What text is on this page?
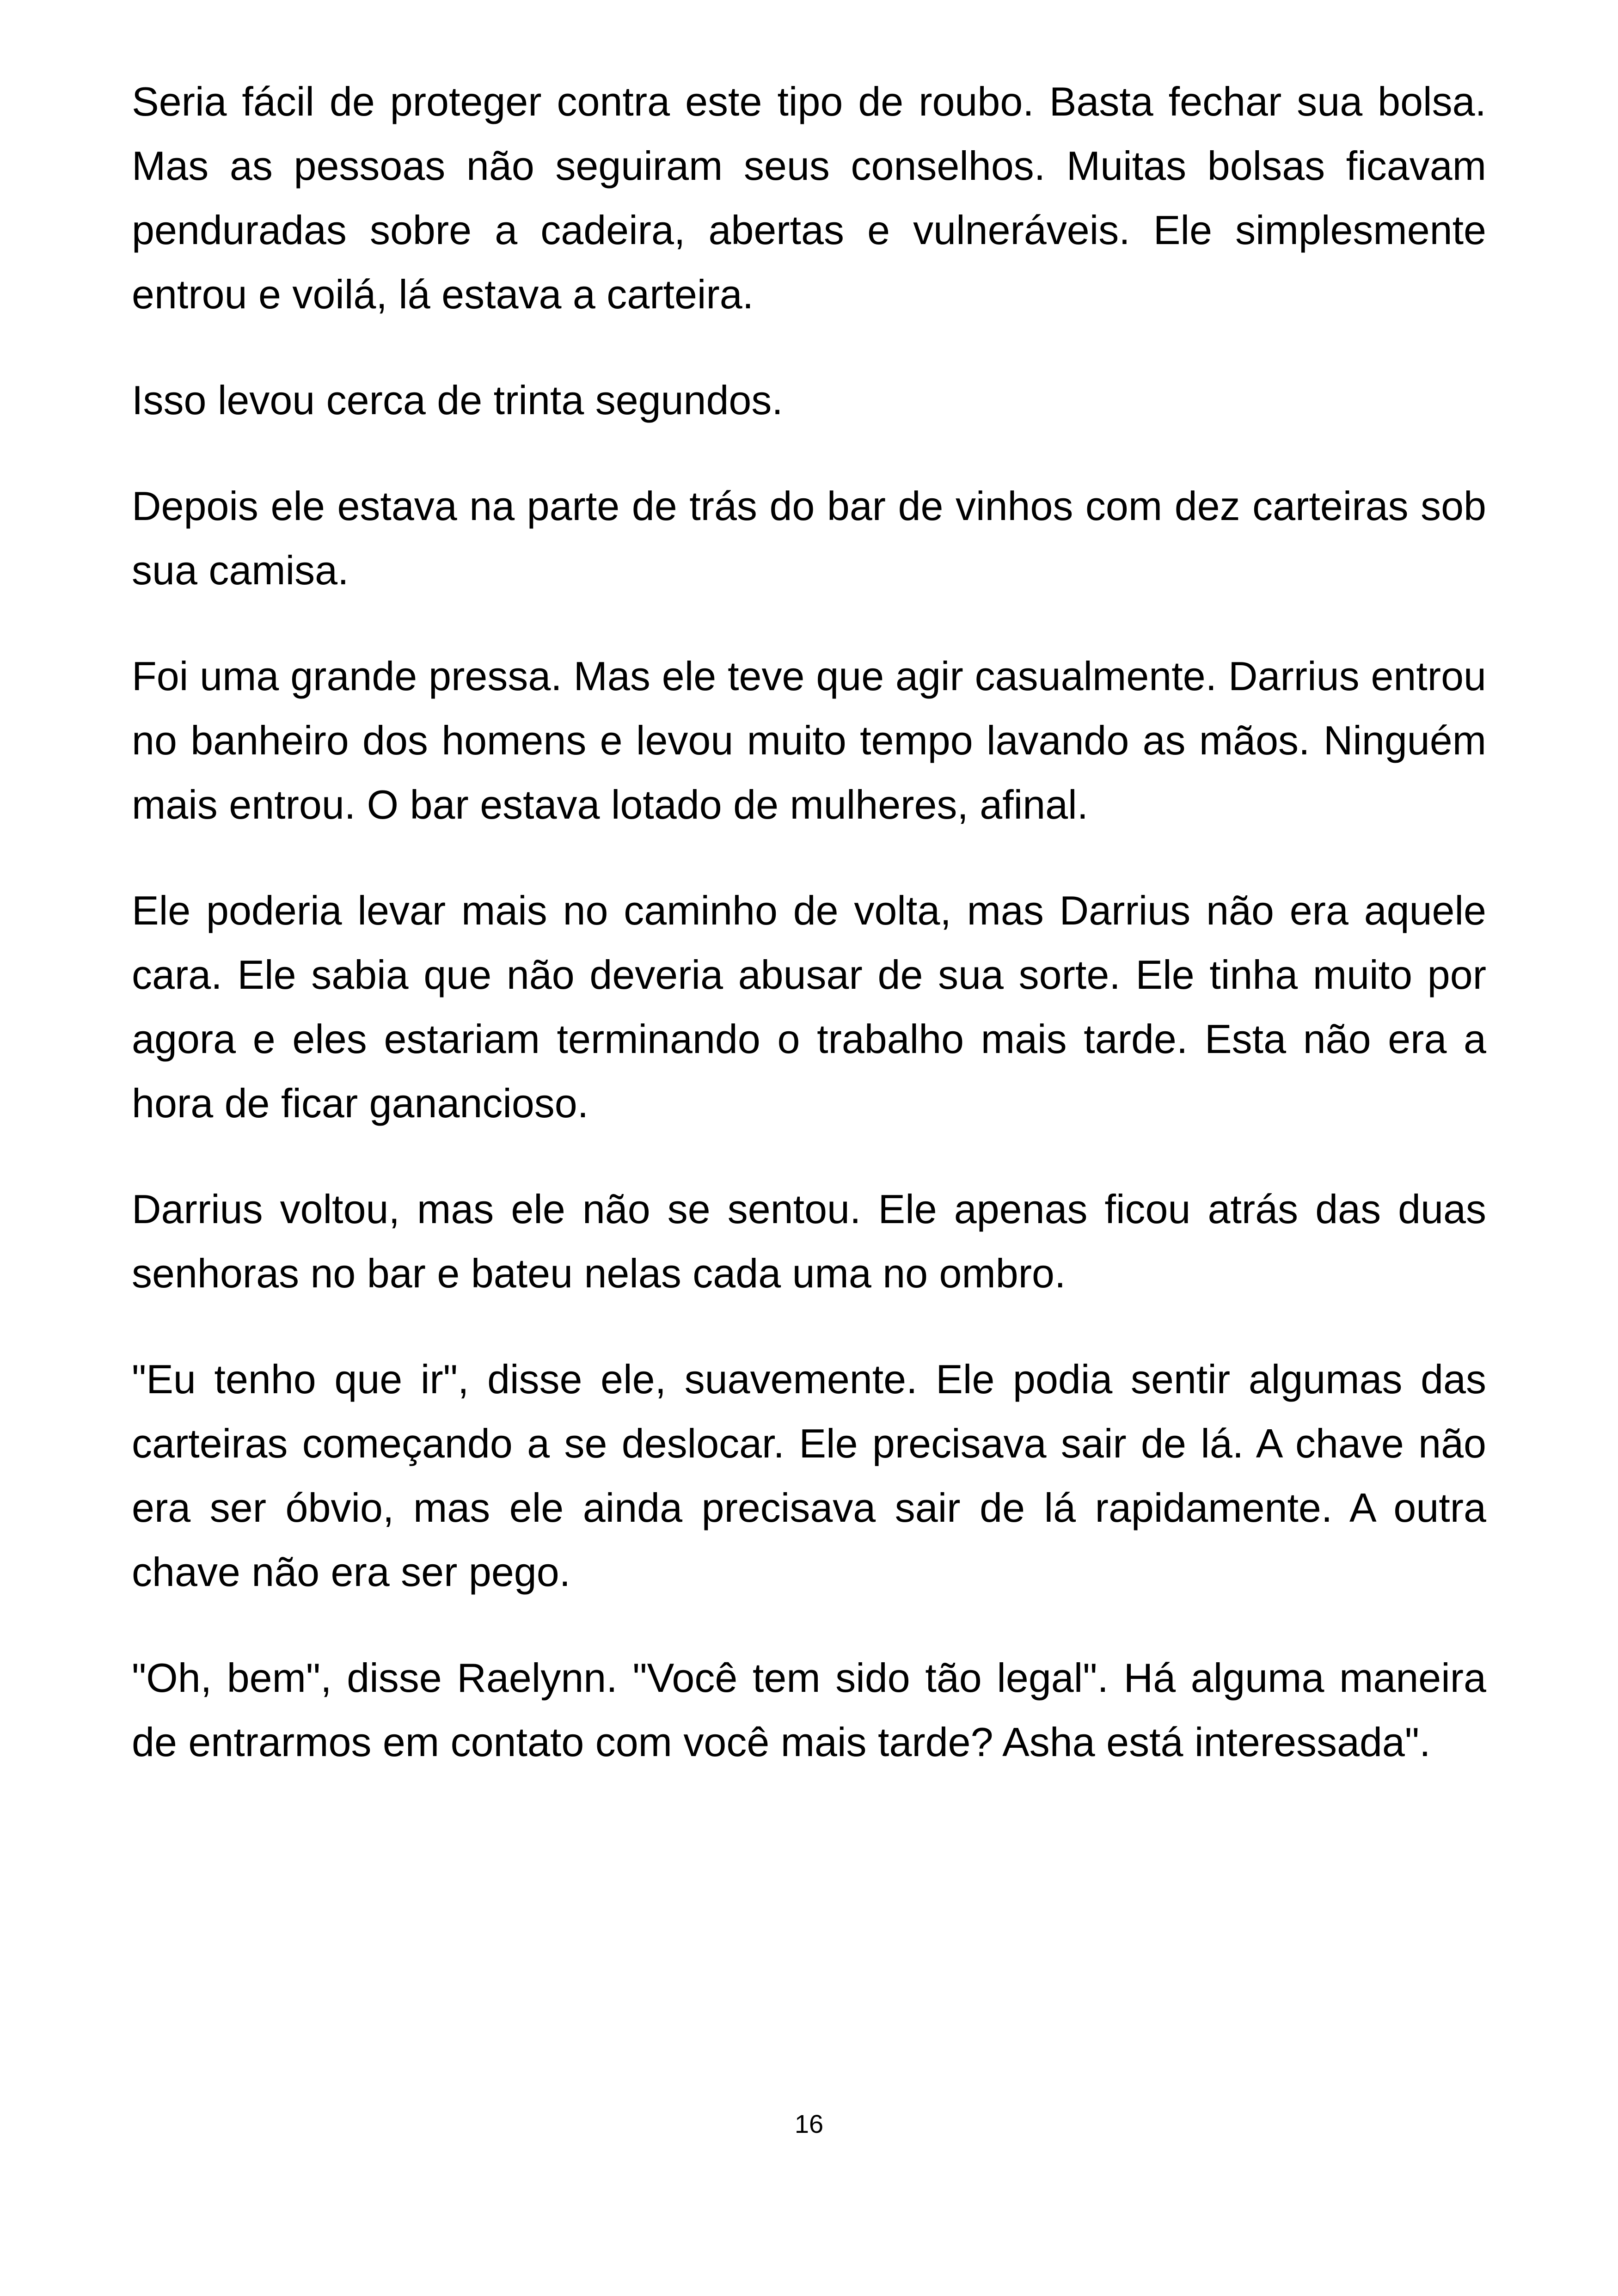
Seria fácil de proteger contra este tipo de roubo. Basta fechar sua bolsa. Mas as pessoas não seguiram seus conselhos. Muitas bolsas ficavam penduradas sobre a cadeira, abertas e vulneráveis. Ele simplesmente entrou e voilá, lá estava a carteira.

Isso levou cerca de trinta segundos.

Depois ele estava na parte de trás do bar de vinhos com dez carteiras sob sua camisa.

Foi uma grande pressa. Mas ele teve que agir casualmente. Darrius entrou no banheiro dos homens e levou muito tempo lavando as mãos. Ninguém mais entrou. O bar estava lotado de mulheres, afinal.

Ele poderia levar mais no caminho de volta, mas Darrius não era aquele cara. Ele sabia que não deveria abusar de sua sorte. Ele tinha muito por agora e eles estariam terminando o trabalho mais tarde. Esta não era a hora de ficar ganancioso.

Darrius voltou, mas ele não se sentou. Ele apenas ficou atrás das duas senhoras no bar e bateu nelas cada uma no ombro.

"Eu tenho que ir", disse ele, suavemente. Ele podia sentir algumas das carteiras começando a se deslocar. Ele precisava sair de lá. A chave não era ser óbvio, mas ele ainda precisava sair de lá rapidamente. A outra chave não era ser pego.

"Oh, bem", disse Raelynn. "Você tem sido tão legal". Há alguma maneira de entrarmos em contato com você mais tarde? Asha está interessada".

16
